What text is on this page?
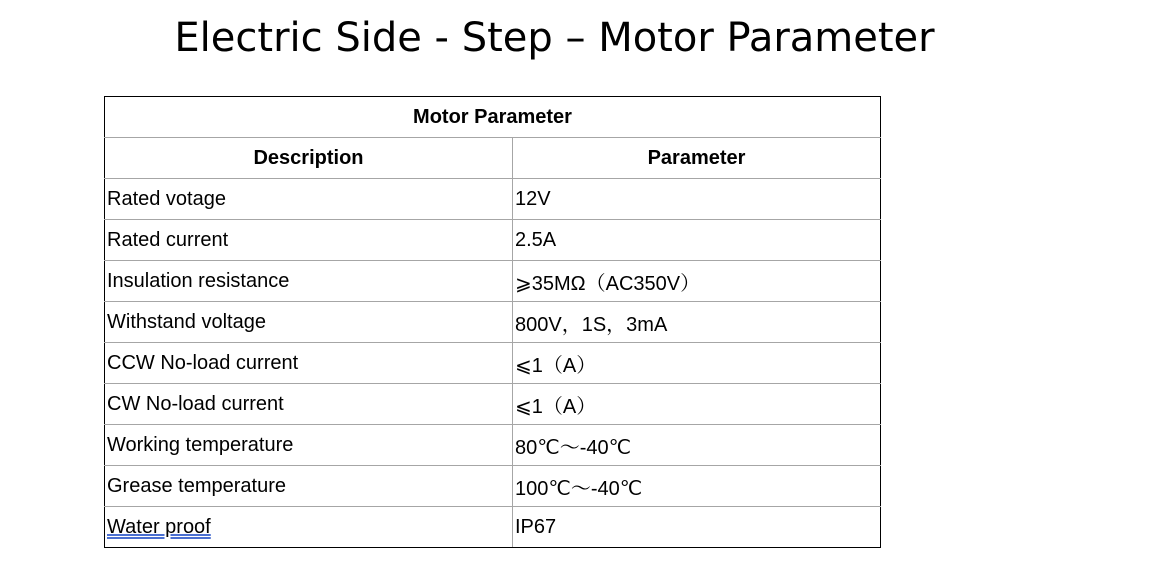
Electric Side - Step – Motor Parameter
Motor Parameter	
Description	Parameter
Rated votage	12V
Rated current	2.5A
Insulation resistance	⩾35MΩ（AC350V）
Withstand voltage	800V，1S，3mA
CCW No-load current	⩽1（A）
CW No-load current	⩽1（A）
Working temperature	80℃～-40℃
Grease temperature	100℃～-40℃
Water proof	IP67
